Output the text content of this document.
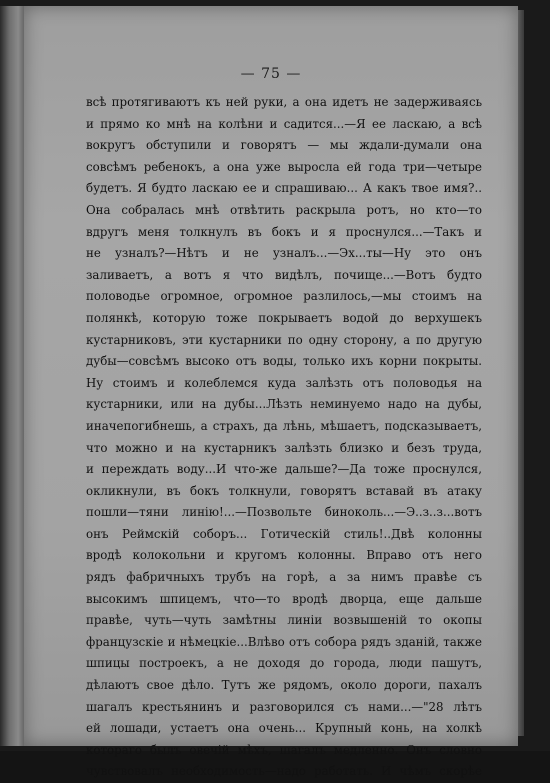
— 75 —
всѣ протягиваютъ къ ней руки, а она идетъ не задерживаясь
и прямо ко мнѣ на колѣни и садится...—Я ее ласкаю, а всѣ
вокругъ обступили и говорятъ — мы ждали-думали она
совсѣмъ ребенокъ, а она уже выросла ей года три—четыре
будетъ. Я будто ласкаю ее и спрашиваю... А какъ твое имя?..
Она собралась мнѣ отвѣтить раскрыла ротъ, но кто—то
вдругъ меня толкнулъ въ бокъ и я проснулся...—Такъ и
не узналъ?—Нѣтъ и не узналъ...—Эх...ты—Ну это онъ
заливаетъ, а вотъ я что видѣлъ, почище...—Вотъ будто
половодье огромное, огромное разлилось,—мы стоимъ на
полянкѣ, которую тоже покрываетъ водой до верхушекъ
кустарниковъ, эти кустарники по одну сторону, а по другую
дубы—совсѣмъ высоко отъ воды, только ихъ корни покрыты.
Ну стоимъ и колеблемся куда залѣзть отъ половодья на
кустарники, или на дубы...Лѣзть неминуемо надо на дубы,
иначепогибнешь, а страхъ, да лѣнь, мѣшаетъ, подсказываетъ,
что можно и на кустарникъ залѣзть близко и безъ труда,
и переждать воду...И что-же дальше?—Да тоже проснулся,
окликнули, въ бокъ толкнули, говорятъ вставай въ атаку
пошли—тяни линію!...—Позвольте биноколь...—Э..з..з...вотъ
онъ Реймскій соборъ... Готическій стиль!..Двѣ колонны
вродѣ колокольни и кругомъ колонны. Вправо отъ него
рядъ фабричныхъ трубъ на горѣ, а за нимъ правѣе съ
высокимъ шпицемъ, что—то вродѣ дворца, еще дальше
правѣе, чуть—чуть замѣтны линіи возвышеній то окопы
французскіе и нѣмецкіе...Влѣво отъ собора рядъ зданій, также
шпицы построекъ, а не доходя до города, люди пашутъ,
дѣлаютъ свое дѣло. Тутъ же рядомъ, около дороги, пахалъ
шагалъ крестьянинъ и разговорился съ нами...—"28 лѣтъ
ей лошади, устаетъ она очень... Крупный конь, на холкѣ
котораго былъ овечій мѣхъ, шагалъ медленно. Онъ словно
чувствовалъ необходимость—надо работать. И чѣмъ скорѣе
